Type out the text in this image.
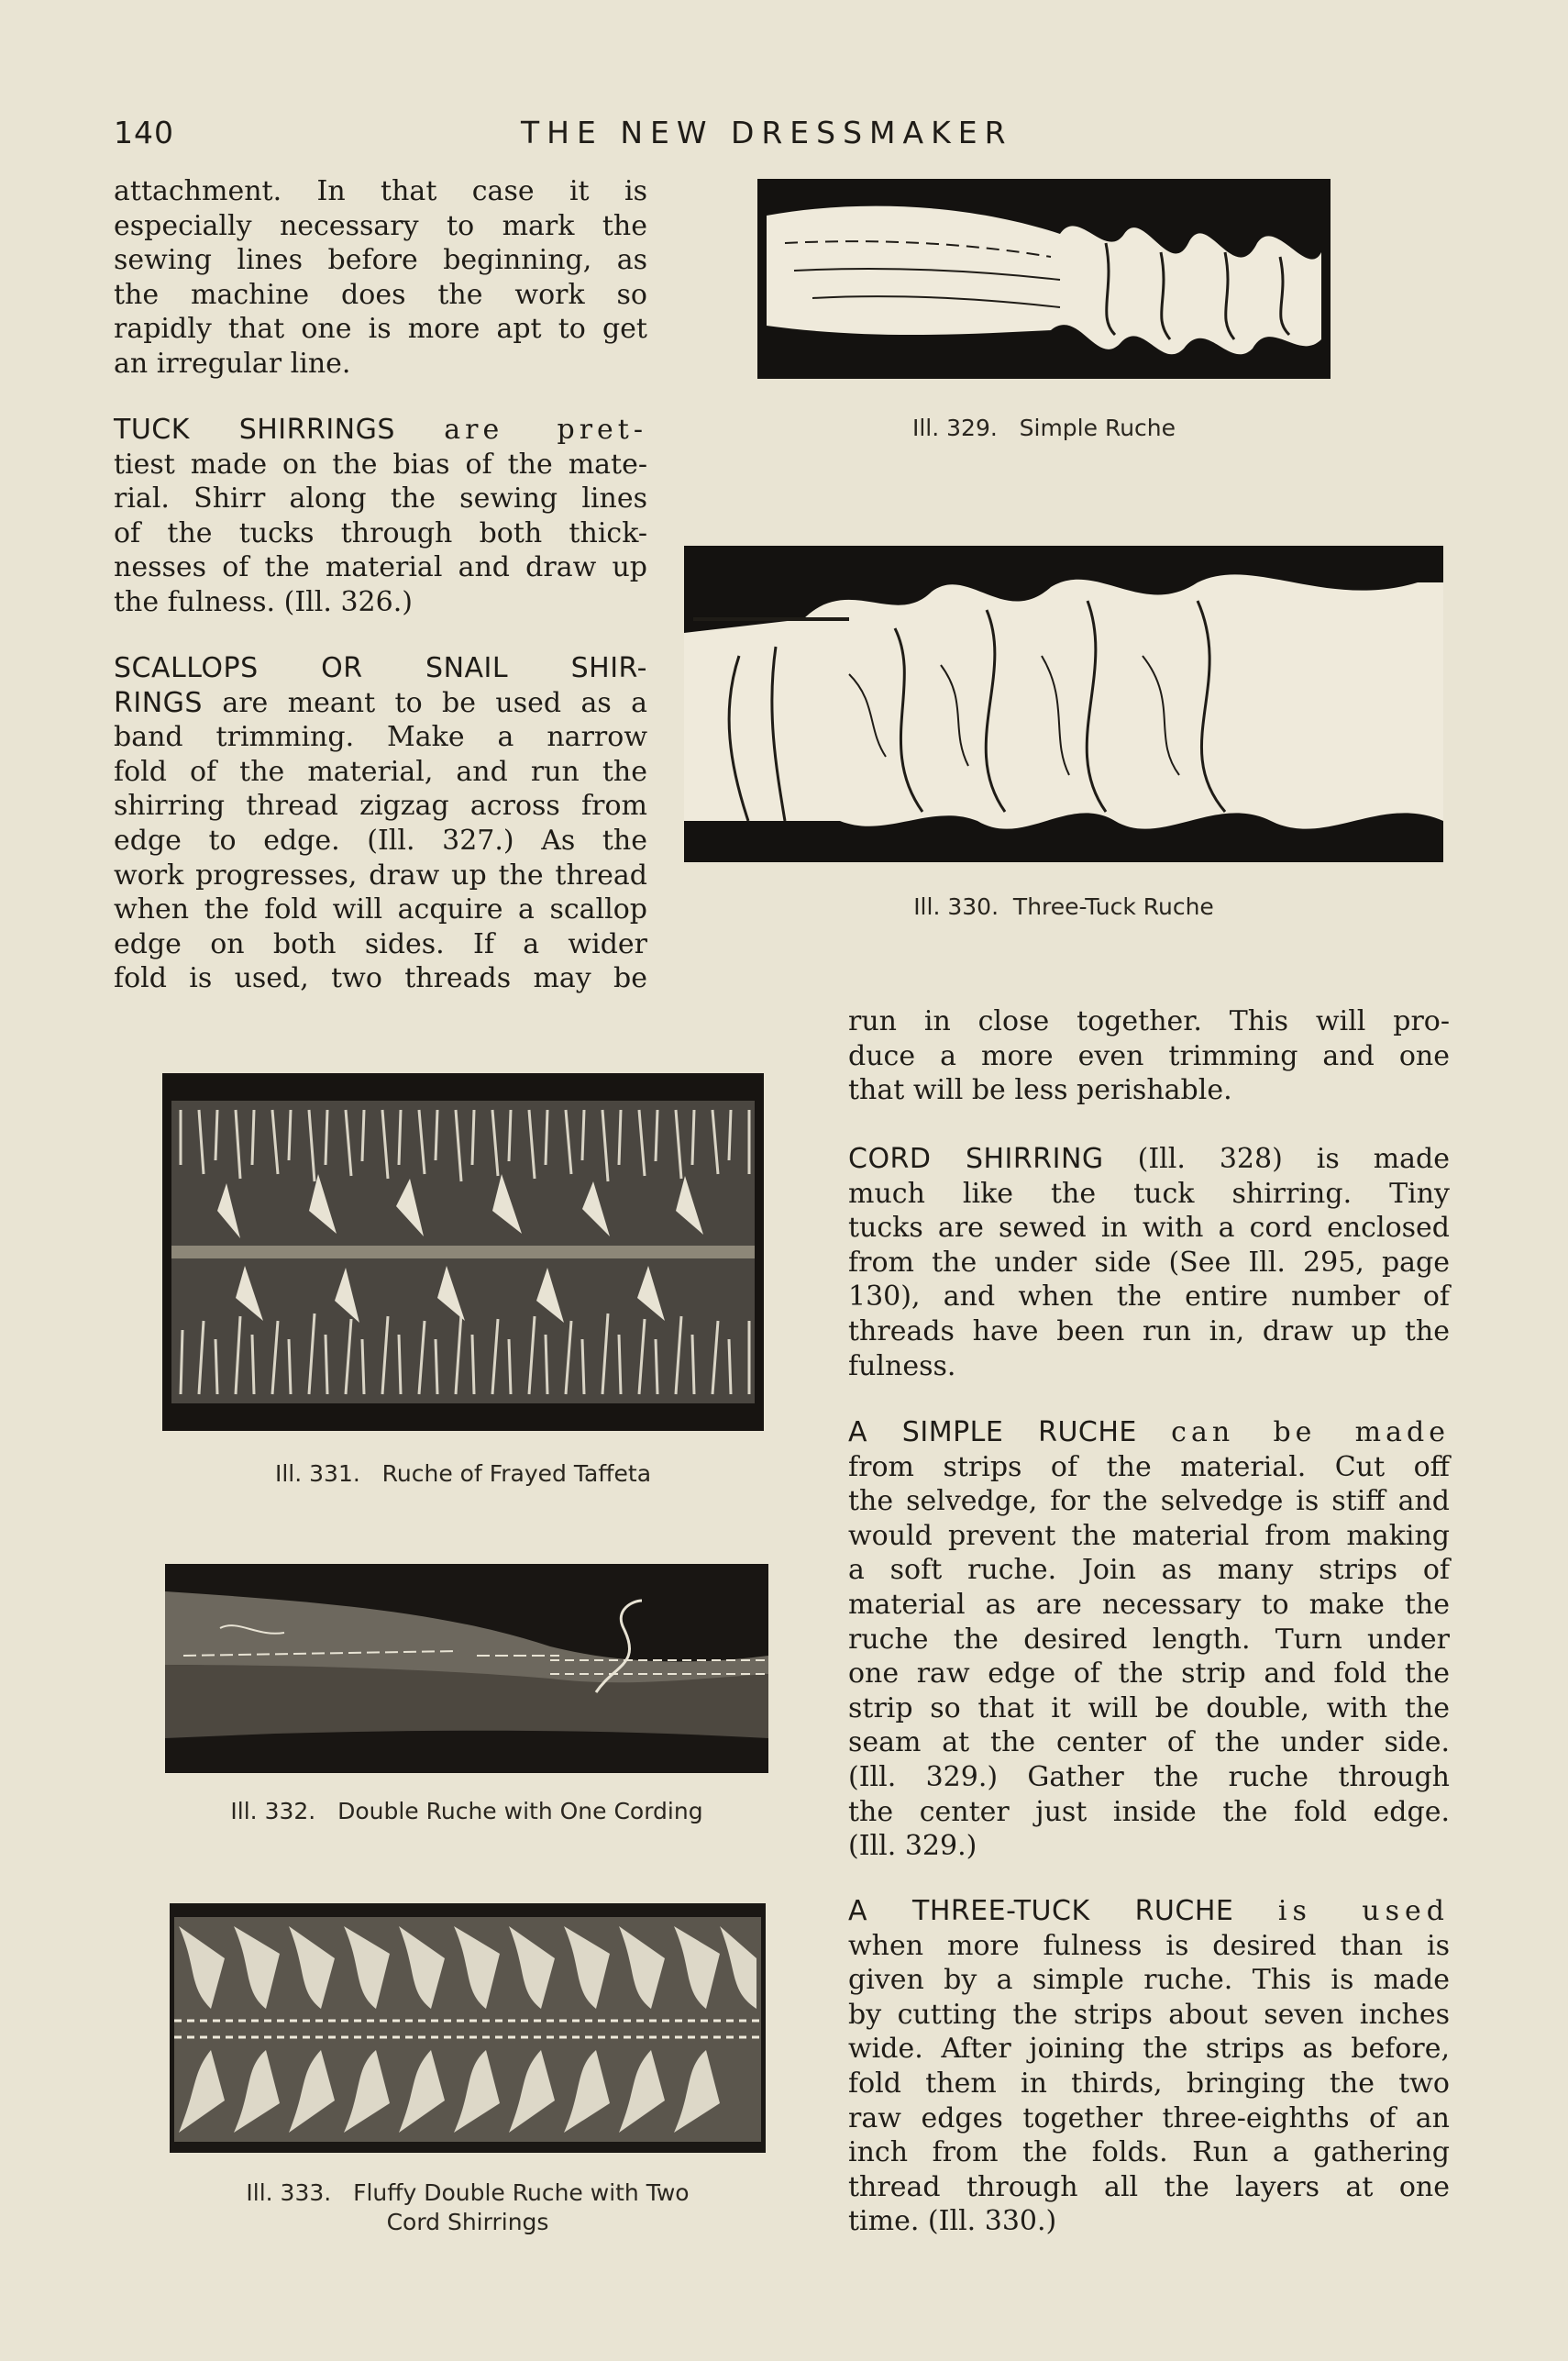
140	THE NEW DRESSMAKER

attachment. In that case it is

especially necessary to mark the

sewing lines before beginning, as

the machine does the work so

rapidly that one is more apt to get

an irregular line.

TUCK SHIRRINGS are pret-

tiest made on the bias of the mate-

rial. Shirr along the sewing lines

of the tucks through both thick-

nesses of the material and draw up

the fulness. (Ill. 326.)

SCALLOPS OR SNAIL SHIR-

RINGS are meant to be used as a

band trimming. Make a narrow

fold of the material, and run the

shirring thread zigzag across from

edge to edge. (Ill. 327.) As the

work progresses, draw up the thread

when the fold will acquire a scallop

edge on both sides. If a wider

fold is used, two threads may be

Ill. 329. Simple Ruche
Ill. 330. Three-Tuck Ruche

run in close together. This will pro-

duce a more even trimming and one

that will be less perishable.

CORD SHIRRING (Ill. 328) is made

much like the tuck shirring. Tiny

tucks are sewed in with a cord enclosed

from the under side (See Ill. 295, page

130), and when the entire number of

threads have been run in, draw up the

fulness.

A SIMPLE RUCHE can be made

from strips of the material. Cut off

the selvedge, for the selvedge is stiff and

would prevent the material from making

a soft ruche. Join as many strips of

material as are necessary to make the

ruche the desired length. Turn under

one raw edge of the strip and fold the

strip so that it will be double, with the

seam at the center of the under side.

(Ill. 329.) Gather the ruche through

the center just inside the fold edge.

(Ill. 329.)

A THREE-TUCK RUCHE is used

when more fulness is desired than is

given by a simple ruche. This is made

by cutting the strips about seven inches

wide. After joining the strips as before,

fold them in thirds, bringing the two

raw edges together three-eighths of an

inch from the folds. Run a gathering

thread through all the layers at one

time. (Ill. 330.)

Ill. 331. Ruche of Frayed Taffeta
Ill. 332. Double Ruche with One Cording
Ill. 333. Fluffy Double Ruche with Two
Cord Shirrings
